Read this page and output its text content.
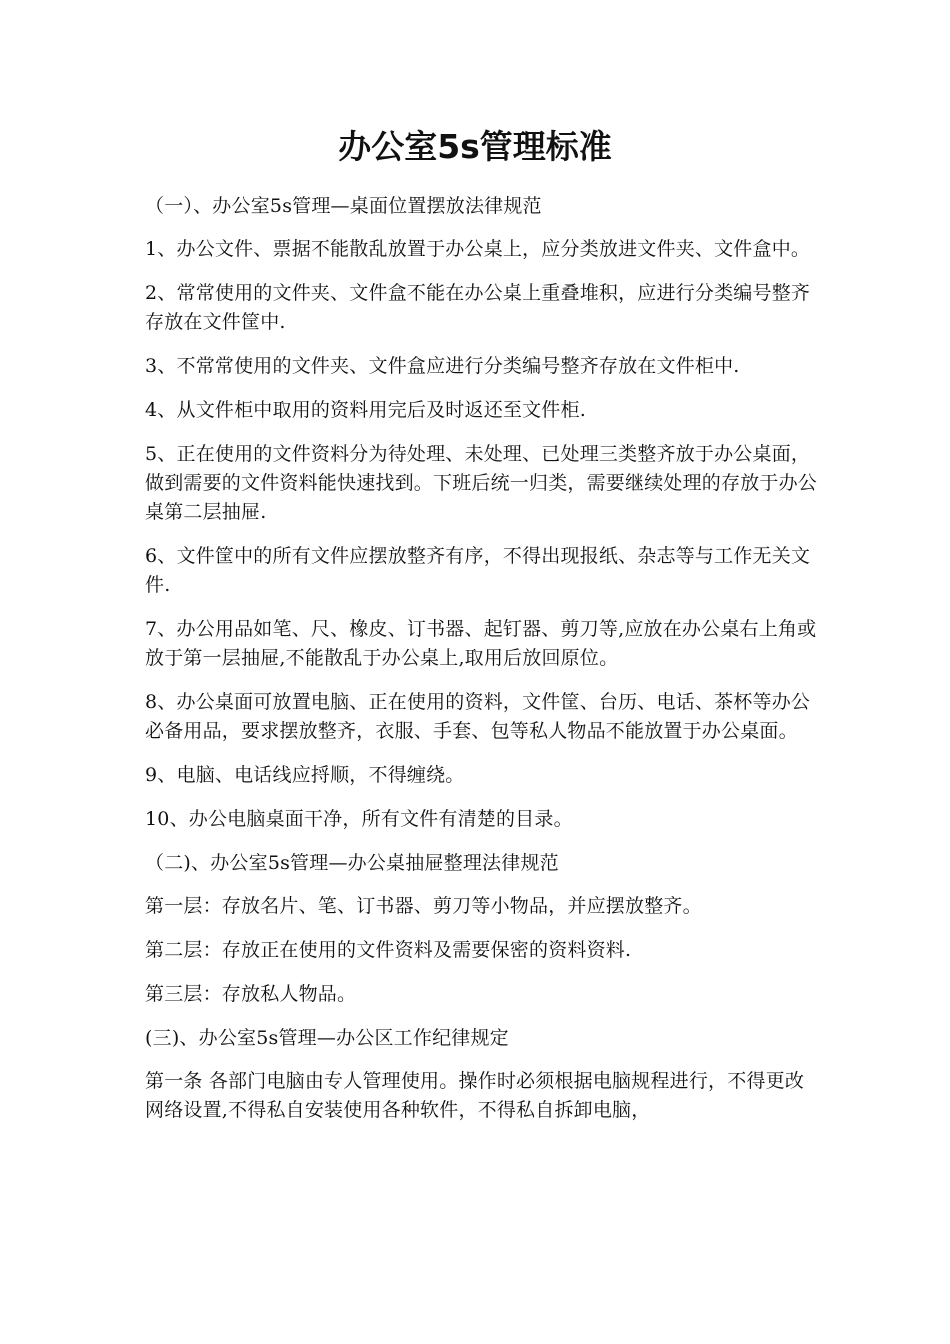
办公室5s管理标准

（一）、办公室5s管理—桌面位置摆放法律规范

1、办公文件、票据不能散乱放置于办公桌上，应分类放进文件夹、文件盒中。

2、常常使用的文件夹、文件盒不能在办公桌上重叠堆积，应进行分类编号整齐存放在文件筐中.

3、不常常使用的文件夹、文件盒应进行分类编号整齐存放在文件柜中.

4、从文件柜中取用的资料用完后及时返还至文件柜.

5、正在使用的文件资料分为待处理、未处理、已处理三类整齐放于办公桌面，做到需要的文件资料能快速找到。下班后统一归类，需要继续处理的存放于办公桌第二层抽屉.

6、文件筐中的所有文件应摆放整齐有序，不得出现报纸、杂志等与工作无关文件.

7、办公用品如笔、尺、橡皮、订书器、起钉器、剪刀等,应放在办公桌右上角或放于第一层抽屉,不能散乱于办公桌上,取用后放回原位。

8、办公桌面可放置电脑、正在使用的资料，文件筐、台历、电话、茶杯等办公必备用品，要求摆放整齐，衣服、手套、包等私人物品不能放置于办公桌面。

9、电脑、电话线应捋顺，不得缠绕。

10、办公电脑桌面干净，所有文件有清楚的目录。

（二)、办公室5s管理—办公桌抽屉整理法律规范

第一层：存放名片、笔、订书器、剪刀等小物品，并应摆放整齐。

第二层：存放正在使用的文件资料及需要保密的资料资料.

第三层：存放私人物品。

(三)、办公室5s管理—办公区工作纪律规定

第一条 各部门电脑由专人管理使用。操作时必须根据电脑规程进行，不得更改网络设置,不得私自安装使用各种软件，不得私自拆卸电脑，
